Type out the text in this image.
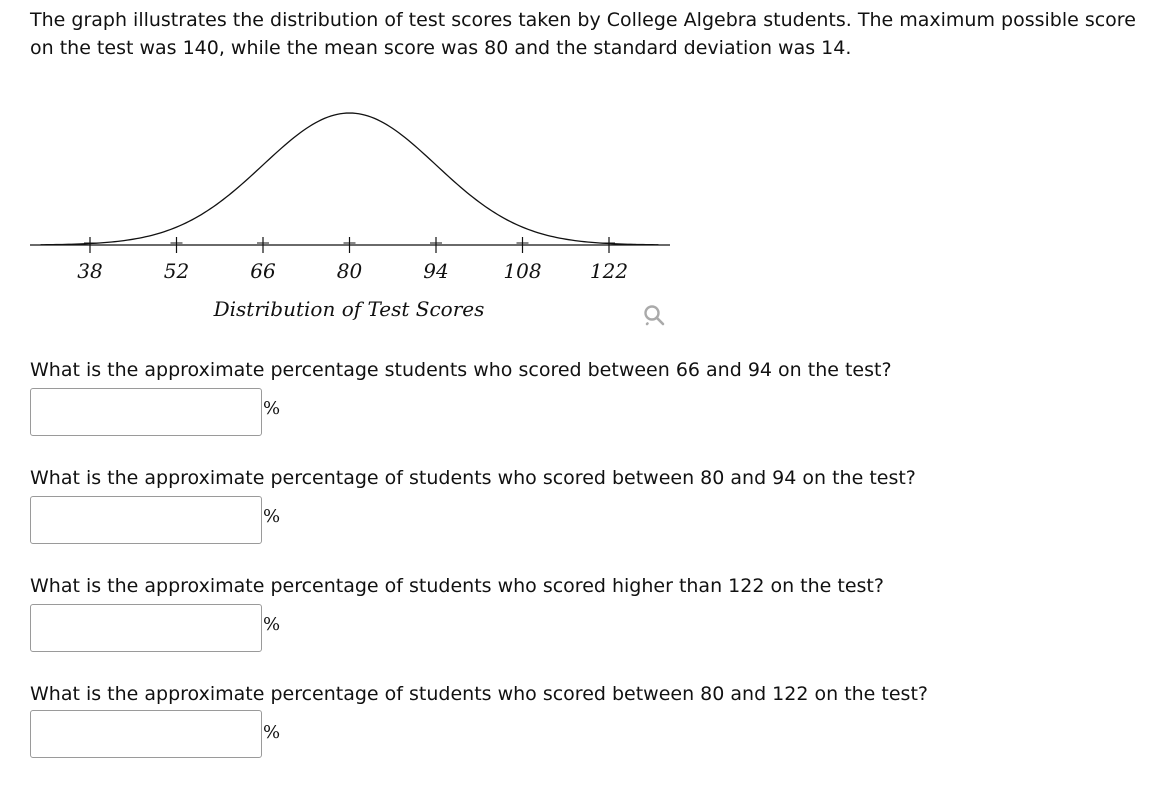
The graph illustrates the distribution of test scores taken by College Algebra students. The maximum possible score on the test was 140, while the mean score was 80 and the standard deviation was 14.

38	52	66	80	94	108 122
Distribution of Test Scores

What is the approximate percentage students who scored between 66 and 94 on the test?

%

What is the approximate percentage of students who scored between 80 and 94 on the test?

%

What is the approximate percentage of students who scored higher than 122 on the test?

%

What is the approximate percentage of students who scored between 80 and 122 on the test?

%
